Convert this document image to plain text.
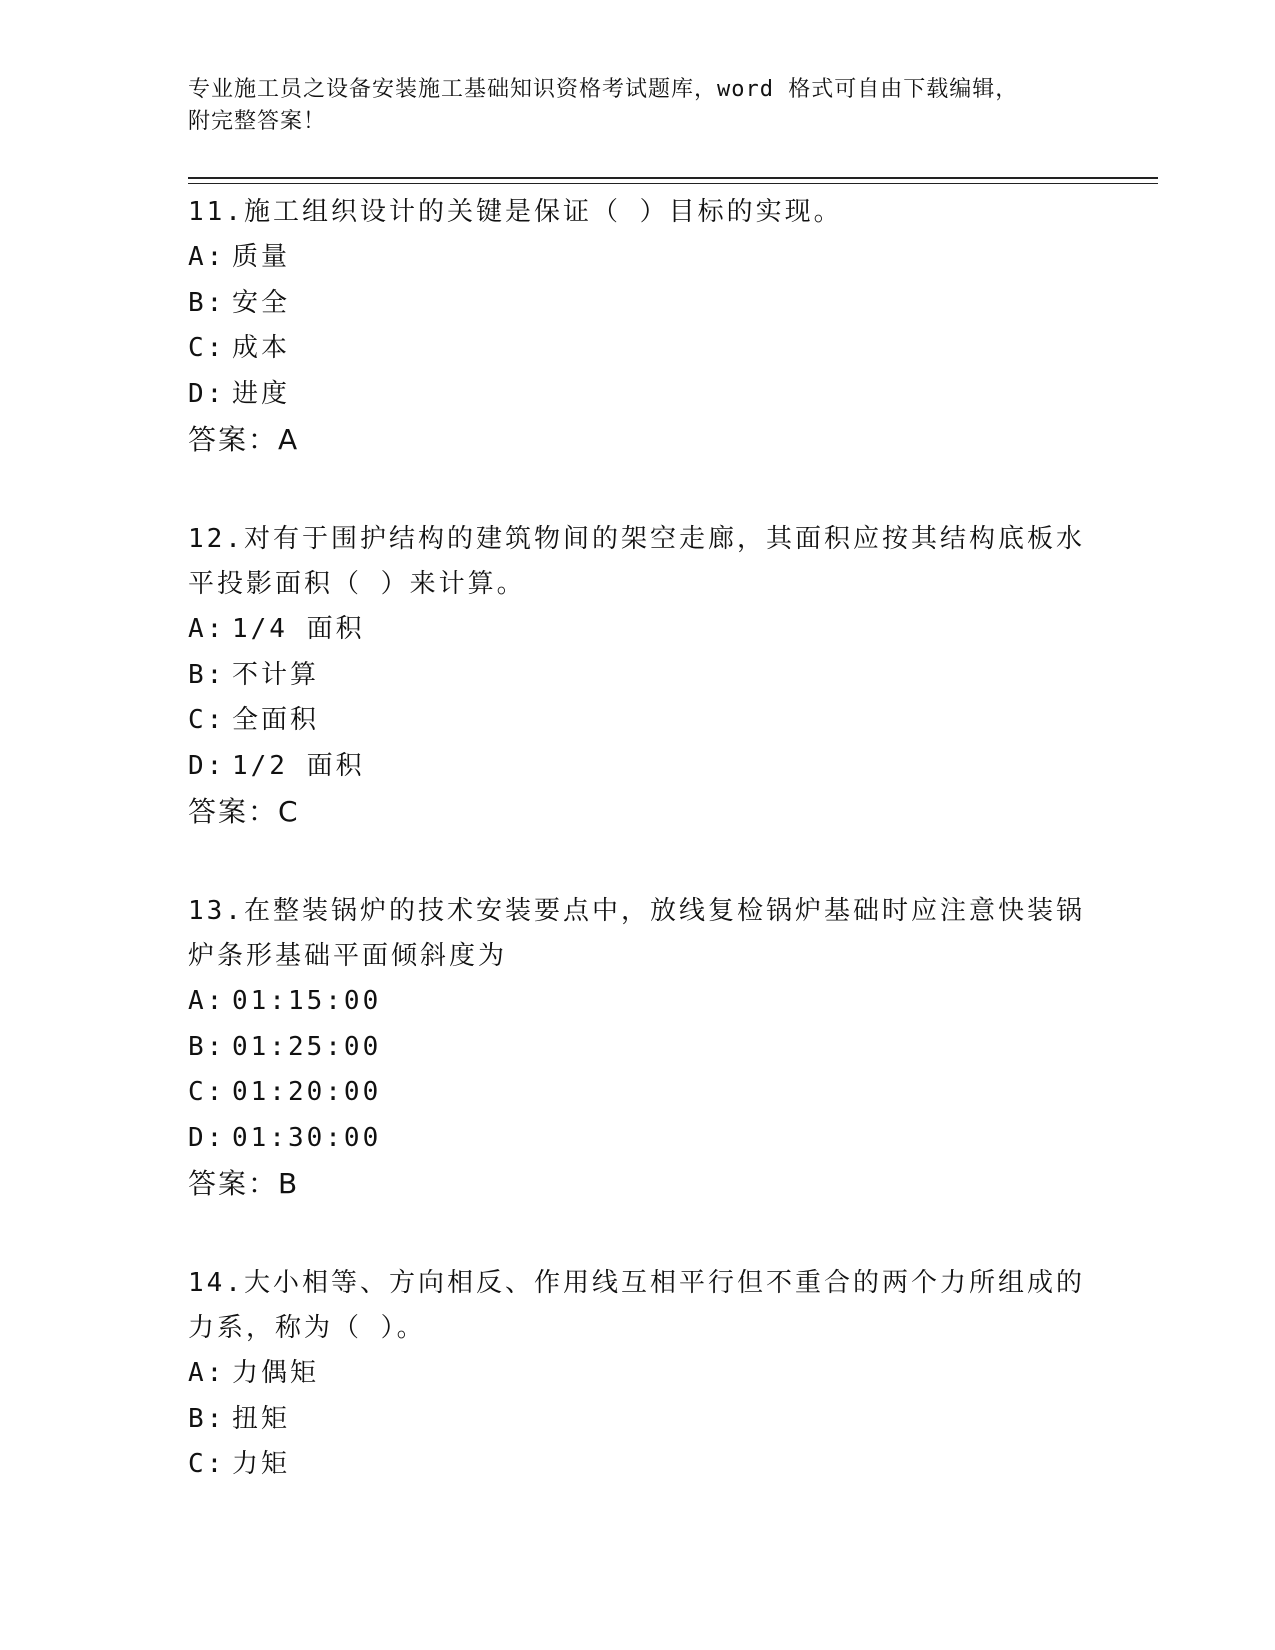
专业施工员之设备安装施工基础知识资格考试题库，word 格式可自由下载编辑，
附完整答案！
11.施工组织设计的关键是保证（ ）目标的实现。
A: 质量
B: 安全
C: 成本
D: 进度
答案：A
12.对有于围护结构的建筑物间的架空走廊，其面积应按其结构底板水
平投影面积（ ）来计算。
A: 1/4 面积
B: 不计算
C: 全面积
D: 1/2 面积
答案：C
13.在整装锅炉的技术安装要点中，放线复检锅炉基础时应注意快装锅
炉条形基础平面倾斜度为
A: 01:15:00
B: 01:25:00
C: 01:20:00
D: 01:30:00
答案：B
14.大小相等、方向相反、作用线互相平行但不重合的两个力所组成的
力系，称为（ ）。
A: 力偶矩
B: 扭矩
C: 力矩
